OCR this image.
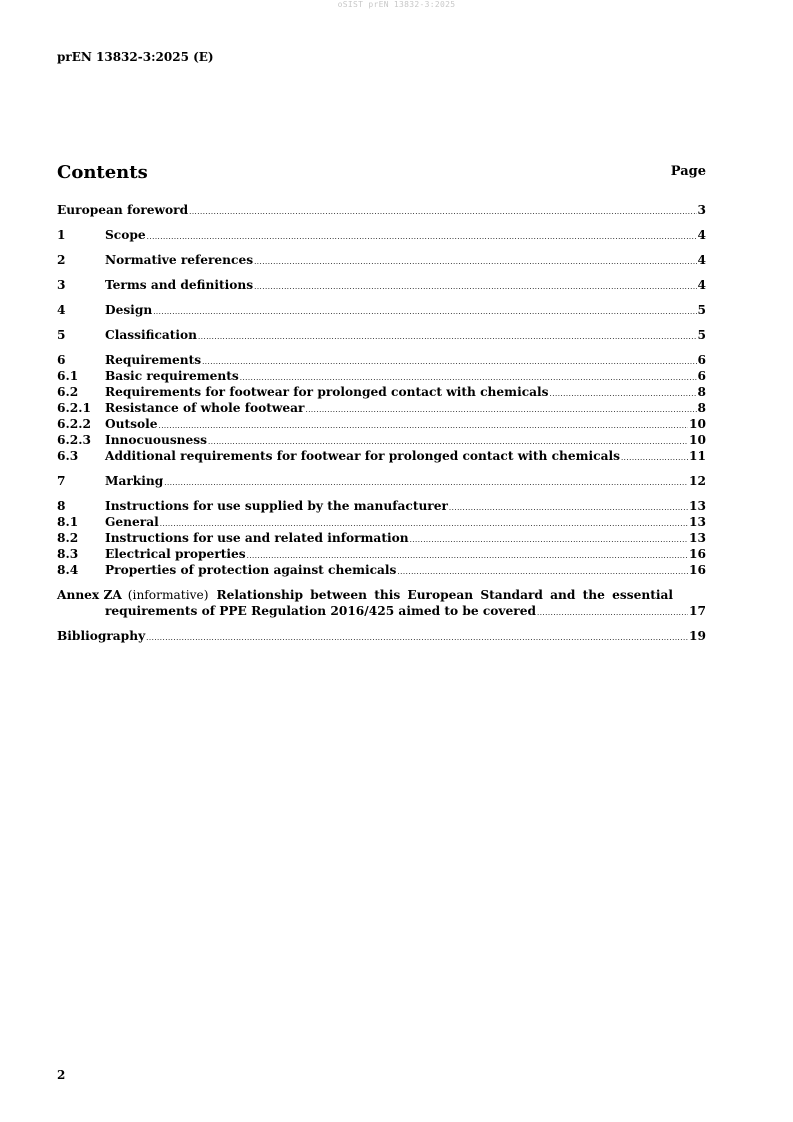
oSIST prEN 13832-3:2025
prEN 13832-3:2025 (E)
Contents	Page
European foreword .....	3
1	Scope .....	4
2	Normative references .....	4
3	Terms and definitions .....	4
4	Design .....	5
5	Classification .....	5
6	Requirements .....	6
6.1	Basic requirements .....	6
6.2	Requirements for footwear for prolonged contact with chemicals .....	8
6.2.1	Resistance of whole footwear .....	8
6.2.2	Outsole .....	10
6.2.3	Innocuousness .....	10
6.3	Additional requirements for footwear for prolonged contact with chemicals .....	11
7	Marking .....	12
8	Instructions for use supplied by the manufacturer .....	13
8.1	General .....	13
8.2	Instructions for use and related information .....	13
8.3	Electrical properties .....	16
8.4	Properties of protection against chemicals .....	16
Annex ZA (informative) Relationship between this European Standard and the essential
requirements of PPE Regulation 2016/425 aimed to be covered .....	17
Bibliography .....	19
2
